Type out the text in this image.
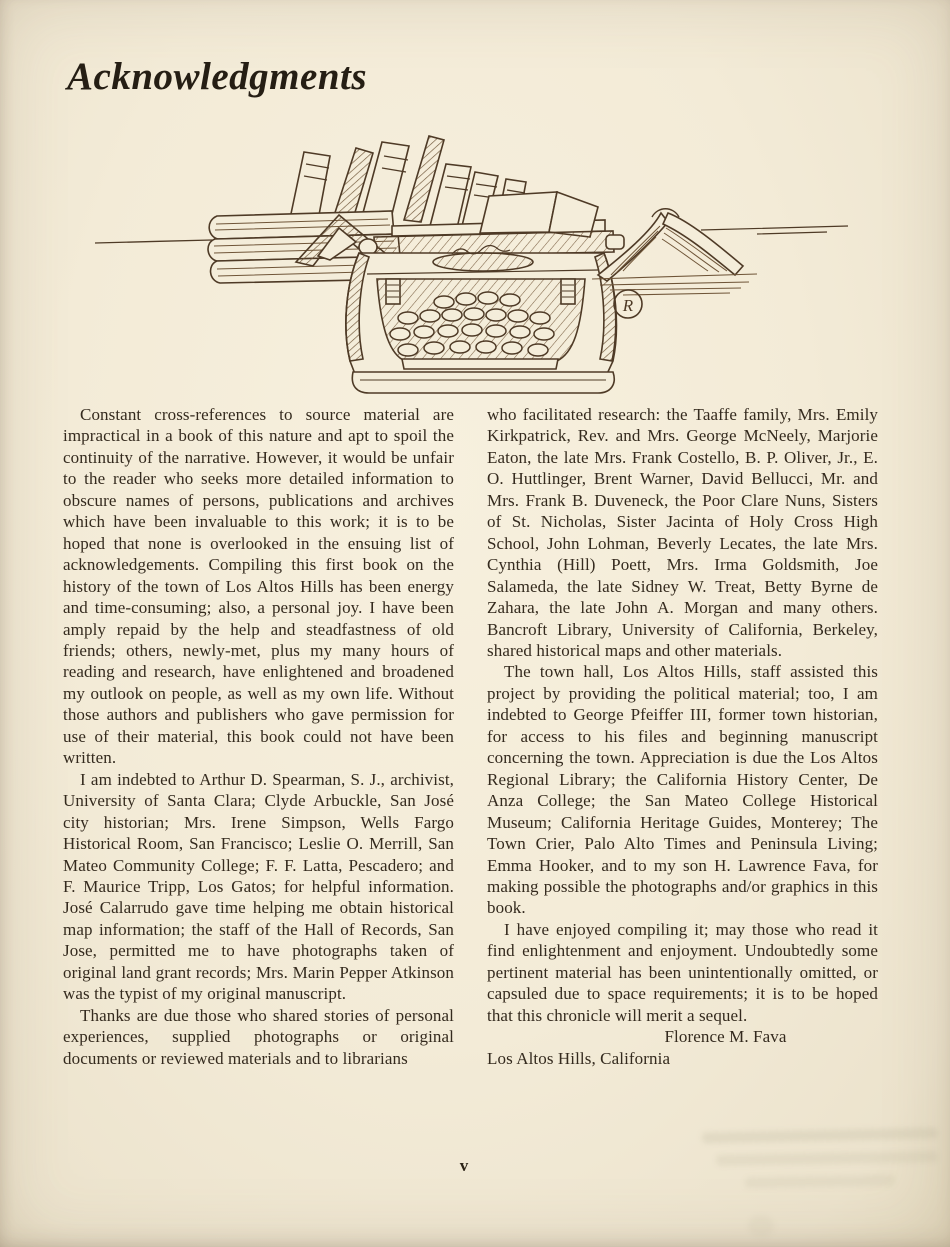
Acknowledgments
R

Constant cross-references to source material are impractical in a book of this nature and apt to spoil the continuity of the narrative. However, it would be unfair to the reader who seeks more detailed information to obscure names of persons, publications and archives which have been invaluable to this work; it is to be hoped that none is overlooked in the ensuing list of acknowledgements. Compiling this first book on the history of the town of Los Altos Hills has been energy and time-consuming; also, a personal joy. I have been amply repaid by the help and steadfastness of old friends; others, newly-met, plus my many hours of reading and research, have enlightened and broadened my outlook on people, as well as my own life. Without those authors and publishers who gave permission for use of their material, this book could not have been written.

I am indebted to Arthur D. Spearman, S. J., archivist, University of Santa Clara; Clyde Arbuckle, San José city historian; Mrs. Irene Simpson, Wells Fargo Historical Room, San Francisco; Leslie O. Merrill, San Mateo Community College; F. F. Latta, Pescadero; and F. Maurice Tripp, Los Gatos; for helpful information. José Calarrudo gave time helping me obtain historical map information; the staff of the Hall of Records, San Jose, permitted me to have photographs taken of original land grant records; Mrs. Marin Pepper Atkinson was the typist of my original manuscript.

Thanks are due those who shared stories of personal experiences, supplied photographs or original documents or reviewed materials and to librarians

who facilitated research: the Taaffe family, Mrs. Emily Kirkpatrick, Rev. and Mrs. George McNeely, Marjorie Eaton, the late Mrs. Frank Costello, B. P. Oliver, Jr., E. O. Huttlinger, Brent Warner, David Bellucci, Mr. and Mrs. Frank B. Duveneck, the Poor Clare Nuns, Sisters of St. Nicholas, Sister Jacinta of Holy Cross High School, John Lohman, Beverly Lecates, the late Mrs. Cynthia (Hill) Poett, Mrs. Irma Goldsmith, Joe Salameda, the late Sidney W. Treat, Betty Byrne de Zahara, the late John A. Morgan and many others. Bancroft Library, University of California, Berkeley, shared historical maps and other materials.

The town hall, Los Altos Hills, staff assisted this project by providing the political material; too, I am indebted to George Pfeiffer III, former town historian, for access to his files and beginning manuscript concerning the town. Appreciation is due the Los Altos Regional Library; the California History Center, De Anza College; the San Mateo College Historical Museum; California Heritage Guides, Monterey; The Town Crier, Palo Alto Times and Peninsula Living; Emma Hooker, and to my son H. Lawrence Fava, for making possible the photographs and/or graphics in this book.

I have enjoyed compiling it; may those who read it find enlightenment and enjoyment. Undoubtedly some pertinent material has been unintentionally omitted, or capsuled due to space requirements; it is to be hoped that this chronicle will merit a sequel.

Florence M. Fava

Los Altos Hills, California

v
